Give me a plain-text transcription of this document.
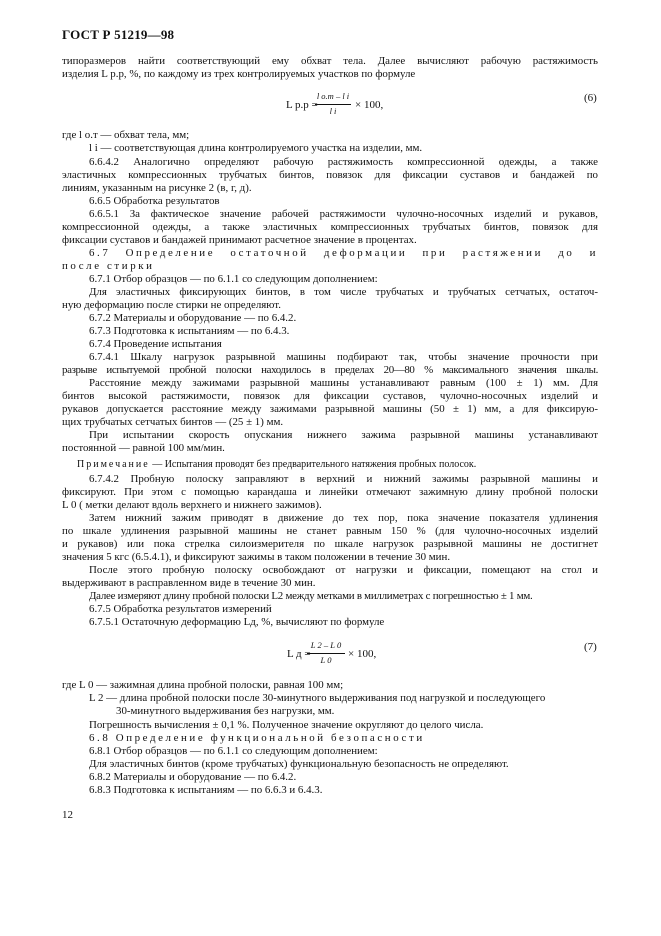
ГОСТ Р 51219—98
типоразмеров найти соответствующий ему обхват тела. Далее вычисляют рабочую растяжимость
изделия L р.р, %, по каждому из трех контролируемых участков по формуле
L р.р =
l о.т – l i
l i	× 100,
(6)
где l о.т — обхват тела, мм;
l i — соответствующая длина контролируемого участка на изделии, мм.
6.6.4.2 Аналогично определяют рабочую растяжимость компрессионной одежды, а также
эластичных компрессионных трубчатых бинтов, повязок для фиксации суставов и бандажей по
линиям, указанным на рисунке 2 (в, г, д).
6.6.5 Обработка результатов
6.6.5.1 За фактическое значение рабочей растяжимости чулочно-носочных изделий и рукавов,
компрессионной одежды, а также эластичных компрессионных трубчатых бинтов, повязок для
фиксации суставов и бандажей принимают расчетное значение в процентах.
6.7 Определение остаточной деформации при растяжении до и
после стирки
6.7.1 Отбор образцов — по 6.1.1 со следующим дополнением:
Для эластичных фиксирующих бинтов, в том числе трубчатых и трубчатых сетчатых, остаточ-
ную деформацию после стирки не определяют.
6.7.2 Материалы и оборудование — по 6.4.2.
6.7.3 Подготовка к испытаниям — по 6.4.3.
6.7.4 Проведение испытания
6.7.4.1 Шкалу нагрузок разрывной машины подбирают так, чтобы значение прочности при
разрыве испытуемой пробной полоски находилось в пределах 20—80 % максимального значения шкалы.
Расстояние между зажимами разрывной машины устанавливают равным (100 ± 1) мм. Для
бинтов высокой растяжимости, повязок для фиксации суставов, чулочно-носочных изделий и
рукавов допускается расстояние между зажимами разрывной машины (50 ± 1) мм, а для фиксирую-
щих трубчатых сетчатых бинтов — (25 ± 1) мм.
При испытании скорость опускания нижнего зажима разрывной машины устанавливают
постоянной — равной 100 мм/мин.
Примечание — Испытания проводят без предварительного натяжения пробных полосок.
6.7.4.2 Пробную полоску заправляют в верхний и нижний зажимы разрывной машины и
фиксируют. При этом с помощью карандаша и линейки отмечают зажимную длину пробной полоски
L 0 ( метки делают вдоль верхнего и нижнего зажимов).
Затем нижний зажим приводят в движение до тех пор, пока значение показателя удлинения
по шкале удлинения разрывной машины не станет равным 150 % (для чулочно-носочных изделий
и рукавов) или пока стрелка силоизмерителя по шкале нагрузок разрывной машины не достигнет
значения 5 кгс (6.5.4.1), и фиксируют зажимы в таком положении в течение 30 мин.
После этого пробную полоску освобождают от нагрузки и фиксации, помещают на стол и
выдерживают в расправленном виде в течение 30 мин.
Далее измеряют длину пробной полоски L2 между метками в миллиметрах с погрешностью ± 1 мм.
6.7.5 Обработка результатов измерений
6.7.5.1 Остаточную деформацию Lд, %, вычисляют по формуле
L д =
L 2 – L 0
L 0	× 100,
(7)
где L 0 — зажимная длина пробной полоски, равная 100 мм;
L 2 — длина пробной полоски после 30-минутного выдерживания под нагрузкой и последующего
30-минутного выдерживания без нагрузки, мм.
Погрешность вычисления ± 0,1 %. Полученное значение округляют до целого числа.
6.8 Определение функциональной безопасности
6.8.1 Отбор образцов — по 6.1.1 со следующим дополнением:
Для эластичных бинтов (кроме трубчатых) функциональную безопасность не определяют.
6.8.2 Материалы и оборудование — по 6.4.2.
6.8.3 Подготовка к испытаниям — по 6.6.3 и 6.4.3.
12
